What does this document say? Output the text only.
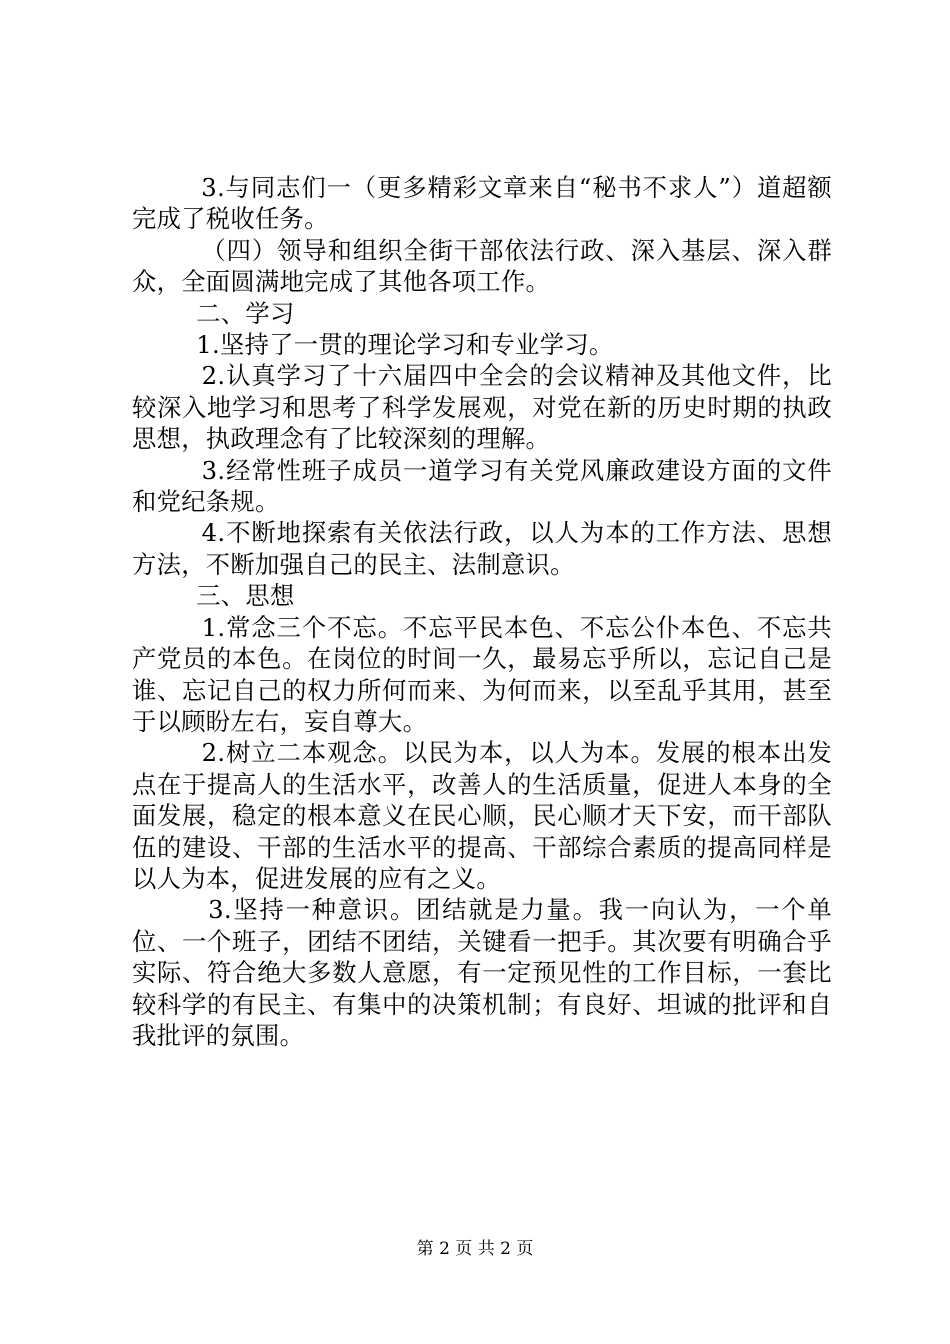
3.与同志们一（更多精彩文章来自“秘书不求人”）道超额完成了税收任务。

（四）领导和组织全街干部依法行政、深入基层、深入群众，全面圆满地完成了其他各项工作。

二、学习

1.坚持了一贯的理论学习和专业学习。

2.认真学习了十六届四中全会的会议精神及其他文件，比较深入地学习和思考了科学发展观，对党在新的历史时期的执政思想，执政理念有了比较深刻的理解。

3.经常性班子成员一道学习有关党风廉政建设方面的文件和党纪条规。

4.不断地探索有关依法行政，以人为本的工作方法、思想方法，不断加强自己的民主、法制意识。

三、思想

1.常念三个不忘。不忘平民本色、不忘公仆本色、不忘共产党员的本色。在岗位的时间一久，最易忘乎所以，忘记自己是谁、忘记自己的权力所何而来、为何而来，以至乱乎其用，甚至于以顾盼左右，妄自尊大。

2.树立二本观念。以民为本，以人为本。发展的根本出发点在于提高人的生活水平，改善人的生活质量，促进人本身的全面发展，稳定的根本意义在民心顺，民心顺才天下安，而干部队伍的建设、干部的生活水平的提高、干部综合素质的提高同样是以人为本，促进发展的应有之义。

3.坚持一种意识。团结就是力量。我一向认为，一个单位、一个班子，团结不团结，关键看一把手。其次要有明确合乎实际、符合绝大多数人意愿，有一定预见性的工作目标，一套比较科学的有民主、有集中的决策机制；有良好、坦诚的批评和自我批评的氛围。

第 2 页 共 2 页
